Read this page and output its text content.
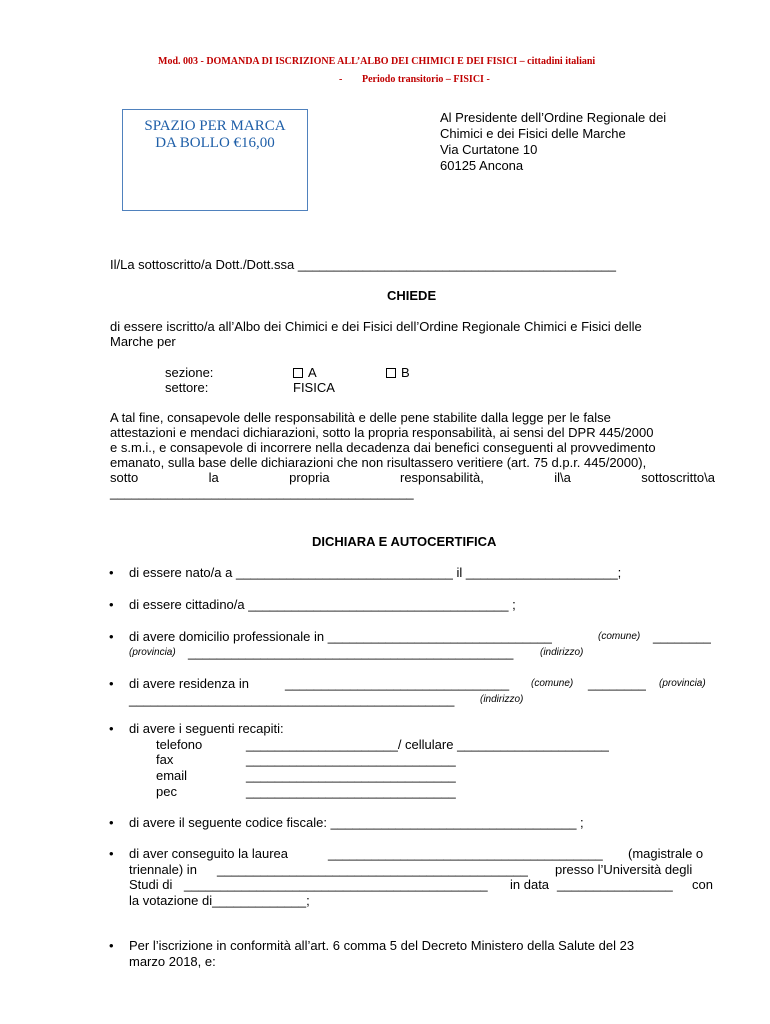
Mod. 003 - DOMANDA DI ISCRIZIONE ALL’ALBO DEI CHIMICI E DEI FISICI – cittadini italiani
- Periodo transitorio – FISICI -
SPAZIO PER MARCA
DA BOLLO €16,00
Al Presidente dell’Ordine Regionale dei
Chimici e dei Fisici delle Marche
Via Curtatone 10
60125 Ancona
Il/La sottoscritto/a Dott./Dott.ssa ____________________________________________
CHIEDE
di essere iscritto/a all’Albo dei Chimici e dei Fisici dell’Ordine Regionale Chimici e Fisici delle
Marche per
sezione:	A	B
settore:	FISICA
A tal fine, consapevole delle responsabilità e delle pene stabilite dalla legge per le false
attestazioni e mendaci dichiarazioni, sotto la propria responsabilità, ai sensi del DPR 445/2000
e s.m.i., e consapevole di incorrere nella decadenza dai benefici conseguenti al provvedimento
emanato, sulla base delle dichiarazioni che non risultassero veritiere (art. 75 d.p.r. 445/2000),
sotto	la	propria	responsabilità,	il\a	sottoscritto\a
__________________________________________
DICHIARA E AUTOCERTIFICA
• di essere nato/a a ______________________________ il _____________________;
• di essere cittadino/a ____________________________________ ;
• di avere domicilio professionale in _______________________________	(comune) ________
(provincia) _____________________________________________	(indirizzo)
• di avere residenza in	_______________________________ (comune) ________ (provincia)
_____________________________________________	(indirizzo)
• di avere i seguenti recapiti:
telefono	_____________________/ cellulare _____________________
fax	_____________________________
email	_____________________________
pec	_____________________________
• di avere il seguente codice fiscale: __________________________________ ;
• di aver conseguito la laurea	______________________________________ (magistrale o
triennale) in ___________________________________________ presso l’Università degli
Studi di __________________________________________ in data ________________ con
la votazione di_____________;
• Per l’iscrizione in conformità all’art. 6 comma 5 del Decreto Ministero della Salute del 23
marzo 2018, e:
